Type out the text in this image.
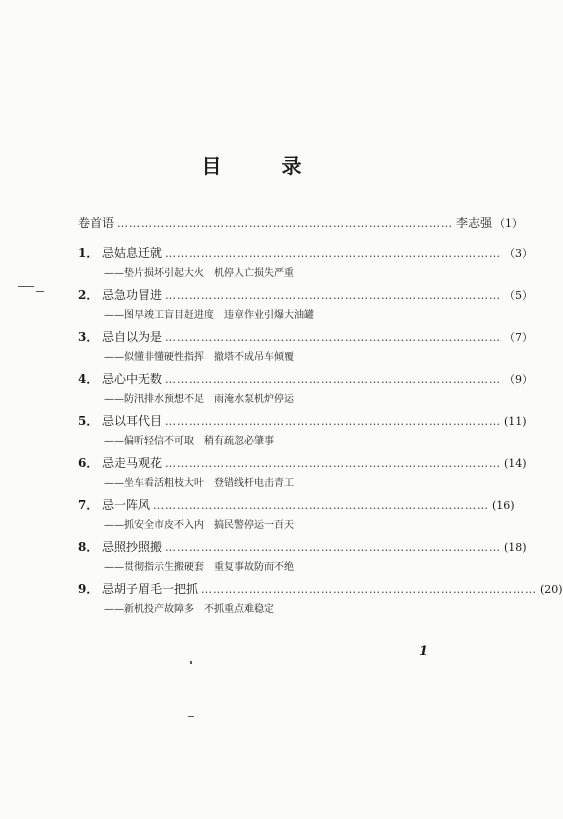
目	录
卷首语 ………………………………………………………………………… 李志强 （1）
1． 忌姑息迁就 ………………………………………………………………………… （3）
——垫片损坏引起大火　机停人亡损失严重
2． 忌急功冒进 ………………………………………………………………………… （5）
——图早竣工盲目赶进度　违章作业引爆大油罐
3． 忌自以为是 ………………………………………………………………………… （7）
——似懂非懂硬性指挥　撤塔不成吊车倾覆
4． 忌心中无数 ………………………………………………………………………… （9）
——防汛排水预想不足　雨淹水泵机炉停运
5． 忌以耳代目 ………………………………………………………………………… (11)
——偏听轻信不可取　稍有疏忽必肇事
6． 忌走马观花 ………………………………………………………………………… (14)
——坐车看活粗枝大叶　登错线杆电击青工
7． 忌一阵风 ………………………………………………………………………… (16)
——抓安全市皮不入内　搞民警停运一百天
8． 忌照抄照搬 ………………………………………………………………………… (18)
——贯彻指示生搬硬套　重复事故防而不绝
9． 忌胡子眉毛一把抓 ………………………………………………………………………… (20)
——新机投产故障多　不抓重点难稳定
1
